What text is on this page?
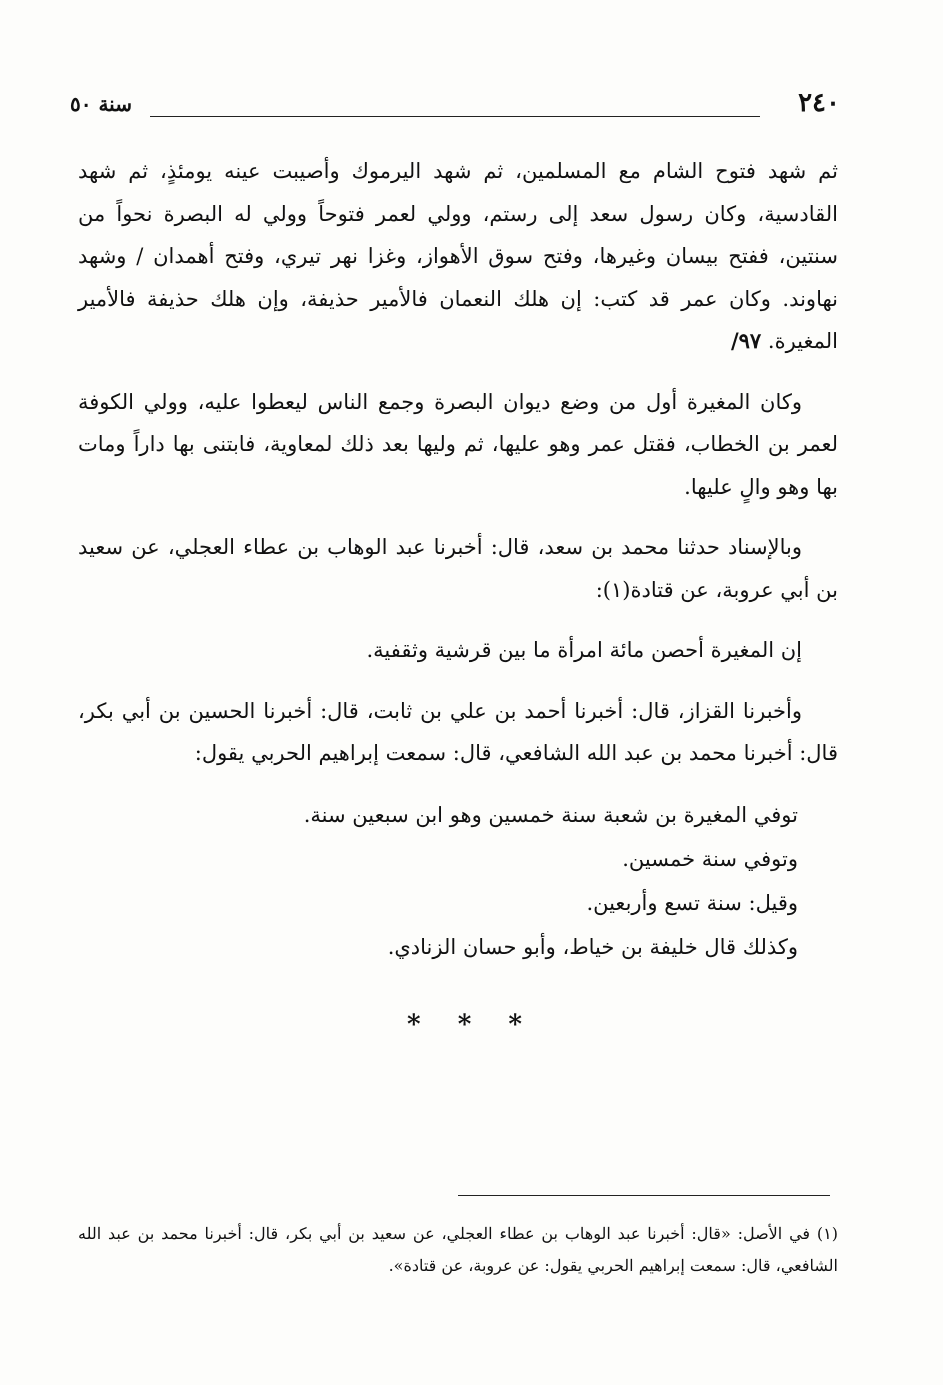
سنة ٥٠	٢٤٠

ثم شهد فتوح الشام مع المسلمين، ثم شهد اليرموك وأصيبت عينه يومئذٍ، ثم شهد القادسية، وكان رسول سعد إلى رستم، وولي لعمر فتوحاً وولي له البصرة نحواً من سنتين، ففتح بيسان وغيرها، وفتح سوق الأهواز، وغزا نهر تيري، وفتح أهمدان / وشهد نهاوند. وكان عمر قد كتب: إن هلك النعمان فالأمير حذيفة، وإن هلك حذيفة فالأمير المغيرة. ٩٧/

وكان المغيرة أول من وضع ديوان البصرة وجمع الناس ليعطوا عليه، وولي الكوفة لعمر بن الخطاب، فقتل عمر وهو عليها، ثم وليها بعد ذلك لمعاوية، فابتنى بها داراً ومات بها وهو والٍ عليها.

وبالإسناد حدثنا محمد بن سعد، قال: أخبرنا عبد الوهاب بن عطاء العجلي، عن سعيد بن أبي عروبة، عن قتادة(١):

إن المغيرة أحصن مائة امرأة ما بين قرشية وثقفية.

وأخبرنا القزاز، قال: أخبرنا أحمد بن علي بن ثابت، قال: أخبرنا الحسين بن أبي بكر، قال: أخبرنا محمد بن عبد الله الشافعي، قال: سمعت إبراهيم الحربي يقول:

توفي المغيرة بن شعبة سنة خمسين وهو ابن سبعين سنة.
وتوفي سنة خمسين.
وقيل: سنة تسع وأربعين.
وكذلك قال خليفة بن خياط، وأبو حسان الزنادي.
* * *

(١) في الأصل: «قال: أخبرنا عبد الوهاب بن عطاء العجلي، عن سعيد بن أبي بكر، قال: أخبرنا محمد بن عبد الله الشافعي، قال: سمعت إبراهيم الحربي يقول: عن عروبة، عن قتادة».
